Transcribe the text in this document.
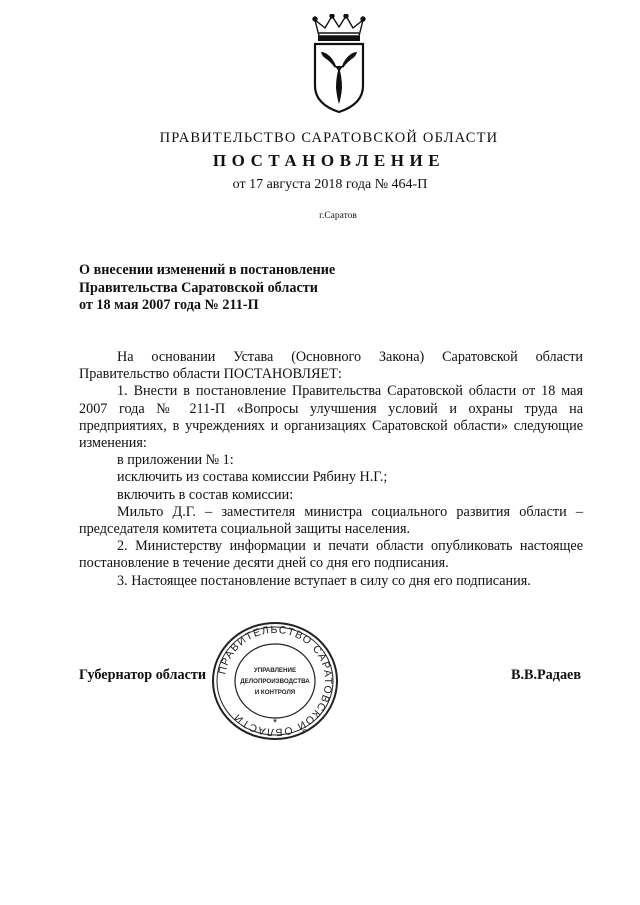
ПРАВИТЕЛЬСТВО САРАТОВСКОЙ ОБЛАСТИ
ПОСТАНОВЛЕНИЕ
от 17 августа 2018 года № 464-П
г.Саратов
О внесении изменений в постановление
Правительства Саратовской области
от 18 мая 2007 года № 211-П

На основании Устава (Основного Закона) Саратовской области Правительство области ПОСТАНОВЛЯЕТ:

1. Внести в постановление Правительства Саратовской области от 18 мая 2007 года № 211-П «Вопросы улучшения условий и охраны труда на предприятиях, в учреждениях и организациях Саратовской области» следующие изменения:

в приложении № 1:

исключить из состава комиссии Рябину Н.Г.;

включить в состав комиссии:

Мильто Д.Г. – заместителя министра социального развития области – председателя комитета социальной защиты населения.

2. Министерству информации и печати области опубликовать настоящее постановление в течение десяти дней со дня его подписания.

3. Настоящее постановление вступает в силу со дня его подписания.

Губернатор области	В.В.Радаев
ПРАВИТЕЛЬСТВО САРАТОВСКОЙ ОБЛАСТИ
УПРАВЛЕНИЕ
ДЕЛОПРОИЗВОДСТВА
И КОНТРОЛЯ
*
